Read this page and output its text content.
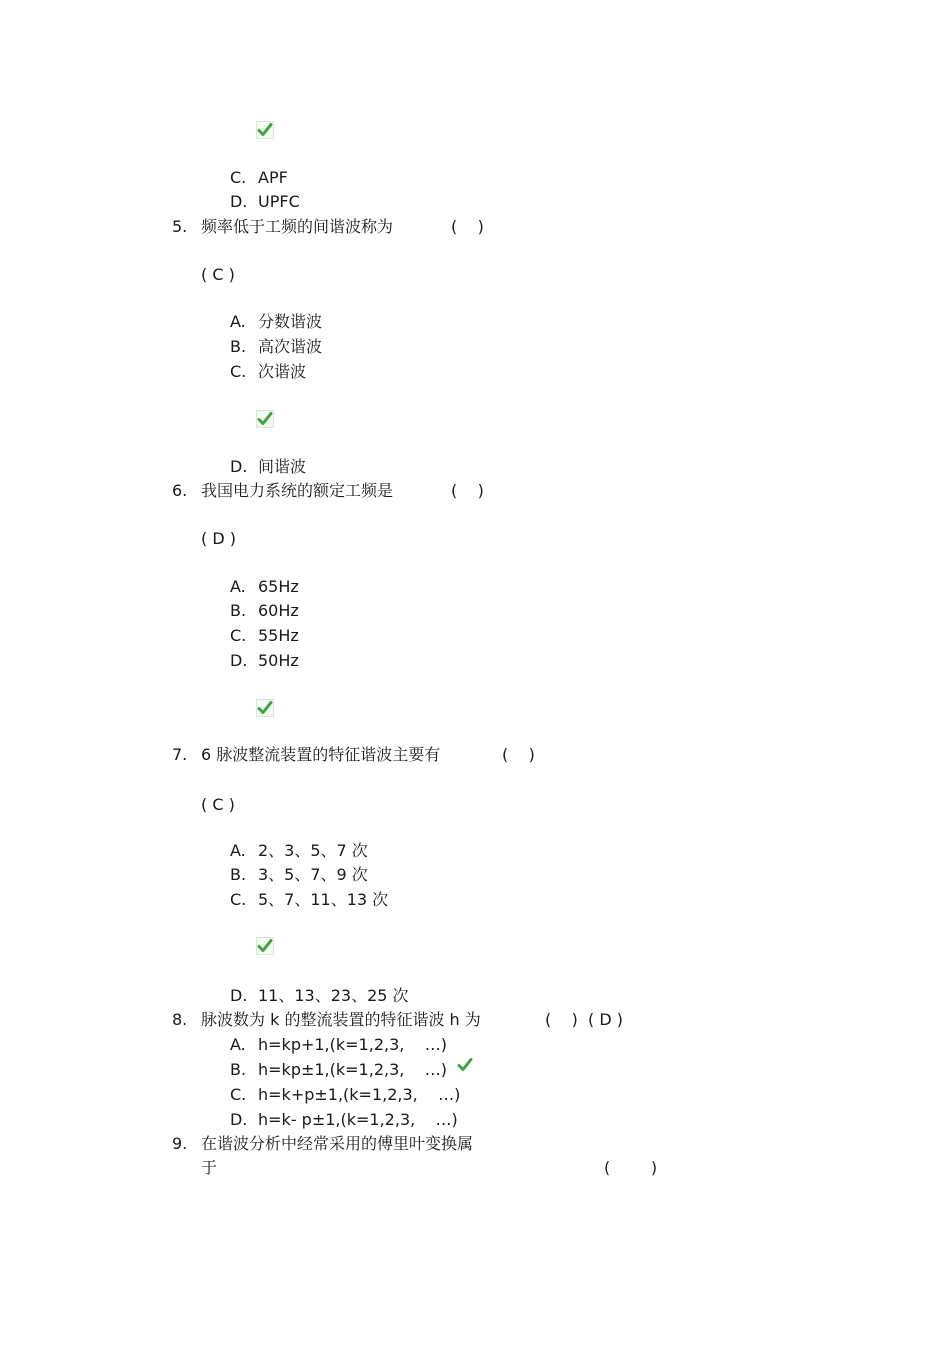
C. APF
D. UPFC
5. 频率低于工频的间谐波称为	(    )
( C )
A. 分数谐波
B. 高次谐波
C. 次谐波
D. 间谐波
6. 我国电力系统的额定工频是	(    )
( D )
A. 65Hz
B. 60Hz
C. 55Hz
D. 50Hz
7. 6 脉波整流装置的特征谐波主要有	(    )
( C )
A. 2、3、5、7 次
B. 3、5、7、9 次
C. 5、7、11、13 次
D. 11、13、23、25 次
8. 脉波数为 k 的整流装置的特征谐波 h 为	(    ) ( D )
A. h=kp+1,(k=1,2,3,    …)
B. h=kp±1,(k=1,2,3,    …)
C. h=k+p±1,(k=1,2,3,    …)
D. h=k- p±1,(k=1,2,3,    …)
9. 在谐波分析中经常采用的傅里叶变换属
于	(        )
